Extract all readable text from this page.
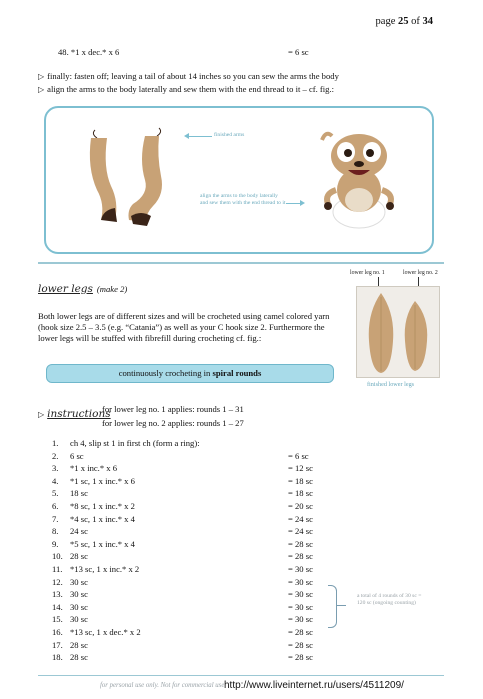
page 25 of 34
48. *1 x dec.* x 6	= 6 sc
▷ finally: fasten off; leaving a tail of about 14 inches so you can sew the arms the body
▷ align the arms to the body laterally and sew them with the end thread to it – cf. fig.:
finished arms
align the arms to the body laterally and sew them with the end thread to it
lower legs (make 2)
Both lower legs are of different sizes and will be crocheted using camel colored yarn (hook size 2.5 – 3.5 (e.g. “Catania”) as well as your C hook size 2. Furthermore the lower legs will be stuffed with fibrefill during crocheting cf. fig.:
continuously crocheting in spiral rounds
lower leg no. 1	lower leg no. 2
finished lower legs
▷ instructions
for lower leg no. 1 applies: rounds 1 – 31
for lower leg no. 2 applies: rounds 1 – 27
1. ch 4, slip st 1 in first ch (form a ring):
2. 6 sc	= 6 sc
3. *1 x inc.* x 6	= 12 sc
4. *1 sc, 1 x inc.* x 6	= 18 sc
5. 18 sc	= 18 sc
6. *8 sc, 1 x inc.* x 2	= 20 sc
7. *4 sc, 1 x inc.* x 4	= 24 sc
8. 24 sc	= 24 sc
9. *5 sc, 1 x inc.* x 4	= 28 sc
10. 28 sc	= 28 sc
11. *13 sc, 1 x inc.* x 2	= 30 sc
12. 30 sc	= 30 sc
13. 30 sc	= 30 sc
14. 30 sc	= 30 sc
15. 30 sc	= 30 sc
16. *13 sc, 1 x dec.* x 2	= 28 sc
17. 28 sc	= 28 sc
18. 28 sc	= 28 sc
a total of 4 rounds of 30 sc = 120 sc (ongoing counting)
for personal use only. Not for commercial use http://www.liveinternet.ru/users/4511209/
